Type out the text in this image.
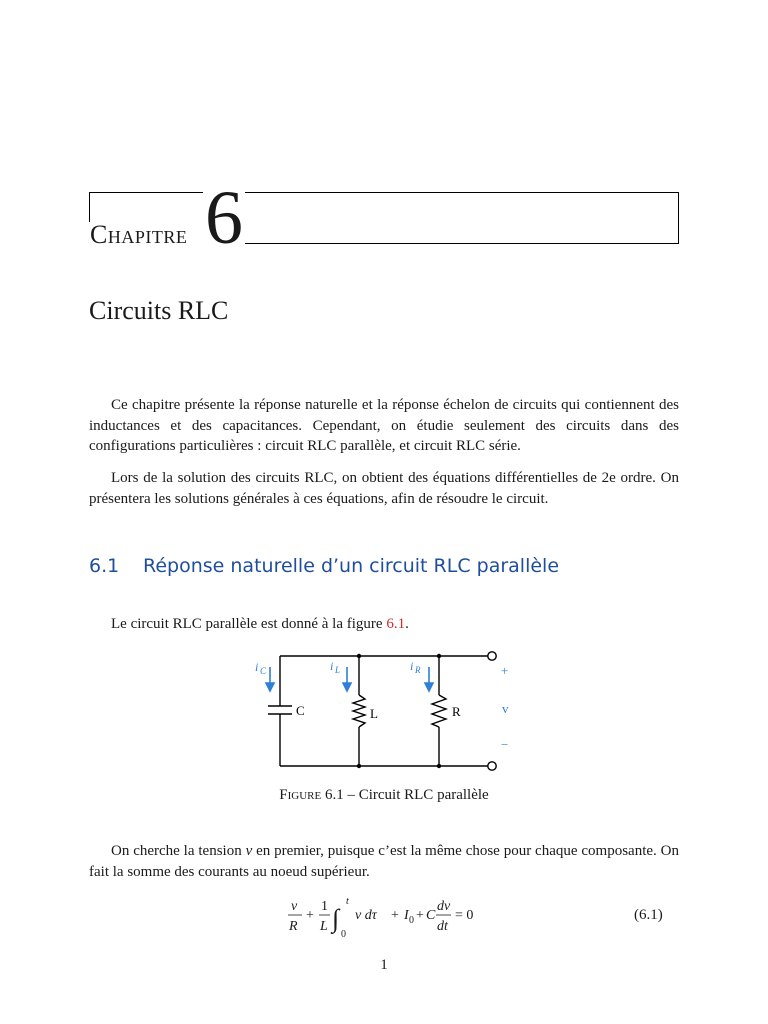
Chapitre 6
Circuits RLC
Ce chapitre présente la réponse naturelle et la réponse échelon de circuits qui contiennent des inductances et des capacitances. Cependant, on étudie seulement des circuits dans des configurations particulières : circuit RLC parallèle, et circuit RLC série.
Lors de la solution des circuits RLC, on obtient des équations différentielles de 2e ordre. On présentera les solutions générales à ces équations, afin de résoudre le circuit.
6.1 Réponse naturelle d’un circuit RLC parallèle
Le circuit RLC parallèle est donné à la figure 6.1.
i C	i L	i R
C	L	R
+
v
−
Figure 6.1 – Circuit RLC parallèle
On cherche la tension v en premier, puisque c’est la même chose pour chaque composante. On fait la somme des courants au noeud supérieur.
v
R
+
1
L ∫
t
0
v dτ + I 0 + C
dv
dt
= 0	(6.1)
1
